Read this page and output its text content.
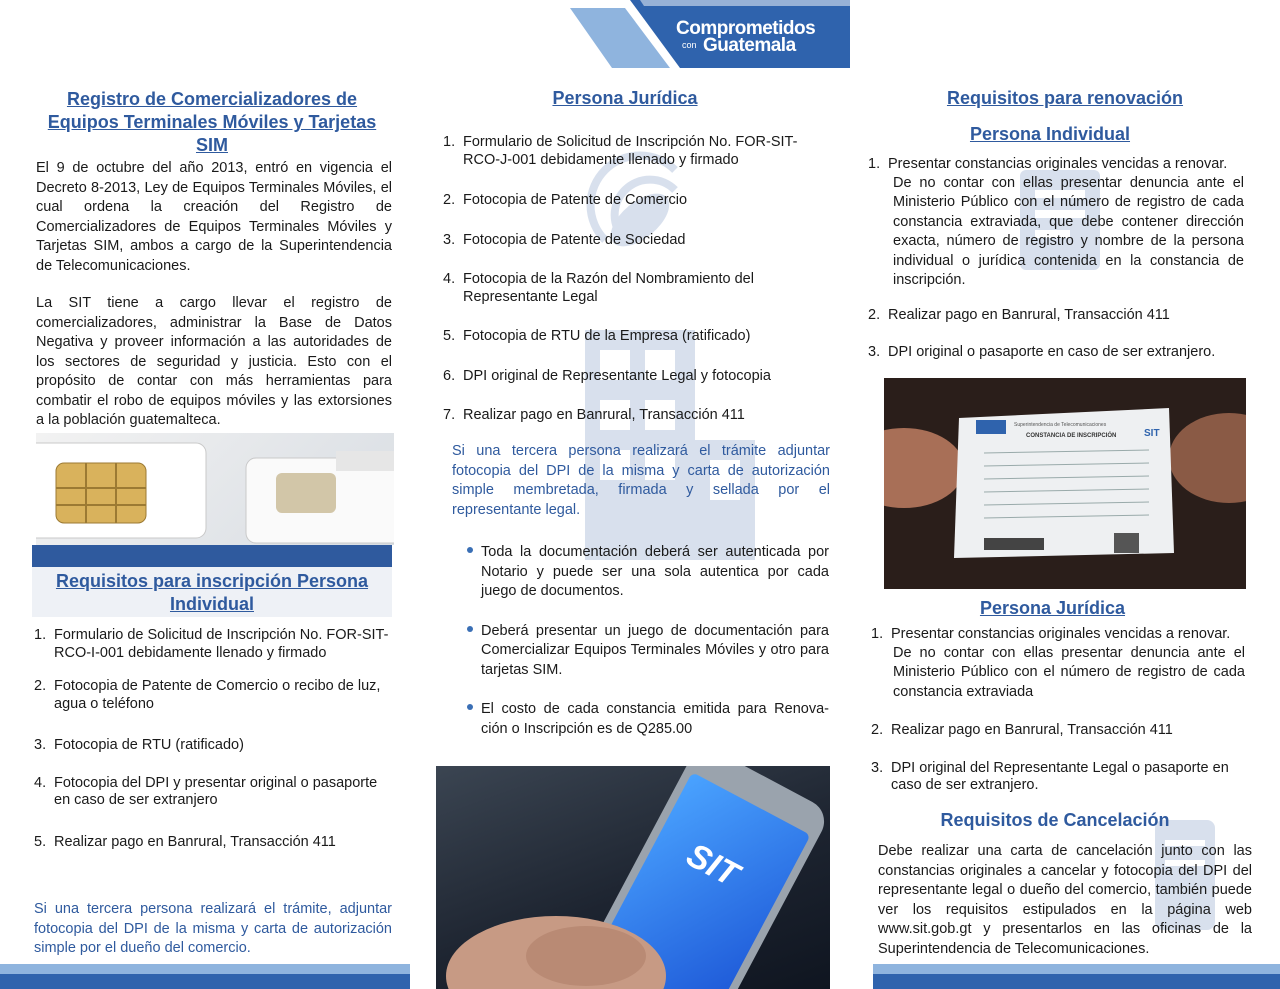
Comprometidos
con Guatemala
Registro de Comercializadores de Equipos Terminales Móviles y Tarjetas SIM
El 9 de octubre del año 2013, entró en vigencia el Decreto 8-2013, Ley de Equipos Terminales Móviles, el cual ordena la creación del Registro de Comercializadores de Equipos Terminales Móviles y Tarjetas SIM, ambos a cargo de la Superintendencia de Telecomunicaciones.
La SIT tiene a cargo llevar el registro de comercializadores, administrar la Base de Datos Negativa y proveer información a las autoridades de los sectores de seguridad y justicia. Esto con el propósito de contar con más herramientas para combatir el robo de equipos móviles y las extorsiones a la población guatemalteca.
Requisitos para inscripción Persona Individual
1. Formulario de Solicitud de Inscripción No. FOR-SIT-RCO-I-001 debidamente llenado y firmado
2. Fotocopia de Patente de Comercio o recibo de luz, agua o teléfono
3. Fotocopia de RTU (ratificado)
4. Fotocopia del DPI y presentar original o pasaporte en caso de ser extranjero
5. Realizar pago en Banrural, Transacción 411
Si una tercera persona realizará el trámite, adjuntar fotocopia del DPI de la misma y carta de autorización simple por el dueño del comercio.
Persona Jurídica
1. Formulario de Solicitud de Inscripción No. FOR-SIT-RCO-J-001 debidamente llenado y firmado
2. Fotocopia de Patente de Comercio
3. Fotocopia de Patente de Sociedad
4. Fotocopia de la Razón del Nombramiento del Representante Legal
5. Fotocopia de RTU de la Empresa (ratificado)
6. DPI original de Representante Legal y fotocopia
7. Realizar pago en Banrural, Transacción 411
Si una tercera persona realizará el trámite adjuntar fotocopia del DPI de la misma y carta de autorización simple membretada, firmada y sellada por el representante legal.
Toda la documentación deberá ser autenticada por Notario y puede ser una sola autentica por cada juego de documentos.
Deberá presentar un juego de documentación para Comercializar Equipos Terminales Móviles y otro para tarjetas SIM.
El costo de cada constancia emitida para Renova-ción o Inscripción es de Q285.00
SIT
Requisitos para renovación
Persona Individual
1. Presentar constancias originales vencidas a renovar.
De no contar con ellas presentar denuncia ante el Ministerio Público con el número de registro de cada constancia extraviada, que debe contener dirección exacta, número de registro y nombre de la persona individual o jurídica contenida en la constancia de inscripción.
2. Realizar pago en Banrural, Transacción 411
3. DPI original o pasaporte en caso de ser extranjero.
Superintendencia de Telecomunicaciones
CONSTANCIA DE INSCRIPCIÓN	SIT
Persona Jurídica
1. Presentar constancias originales vencidas a renovar.
De no contar con ellas presentar denuncia ante el Ministerio Público con el número de registro de cada constancia extraviada
2. Realizar pago en Banrural, Transacción 411
3. DPI original del Representante Legal o pasaporte en caso de ser extranjero.
Requisitos de Cancelación
Debe realizar una carta de cancelación junto con las constancias originales a cancelar y fotocopia del DPI del representante legal o dueño del comercio, también puede ver los requisitos estipulados en la página web www.sit.gob.gt y presentarlos en las oficinas de la Superintendencia de Telecomunicaciones.
